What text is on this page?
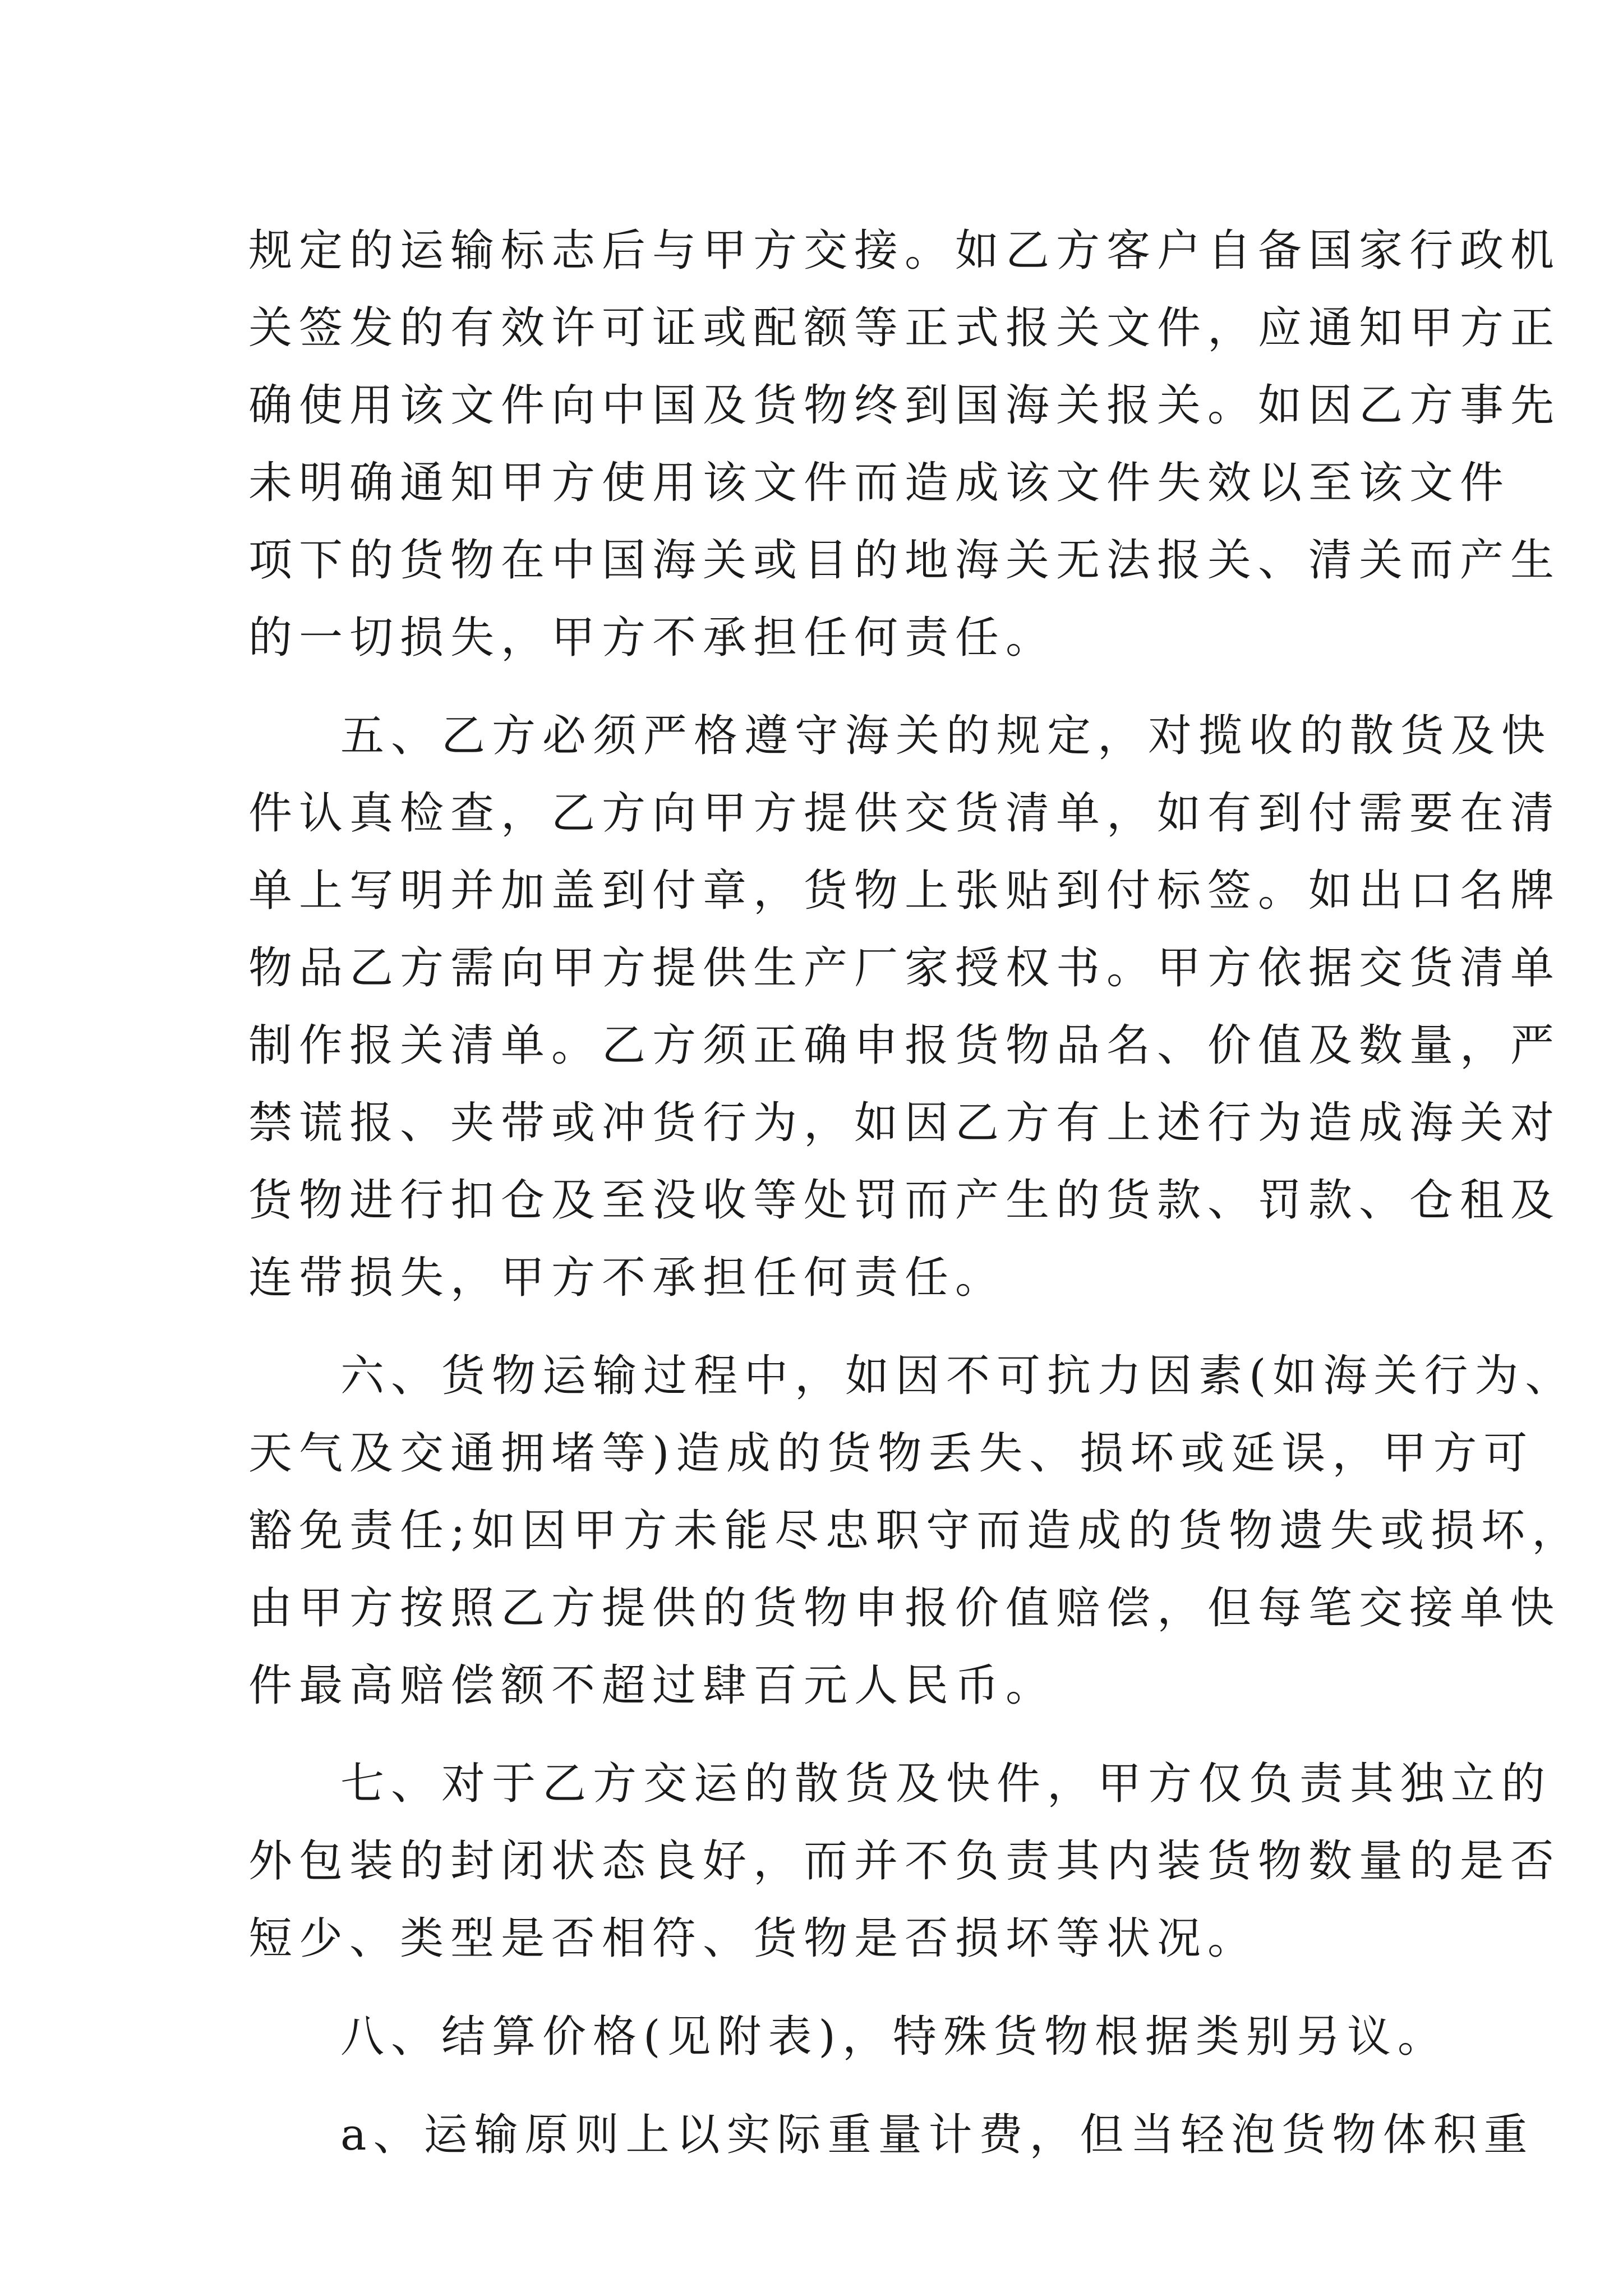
规定的运输标志后与甲方交接。如乙方客户自备国家行政机
关签发的有效许可证或配额等正式报关文件，应通知甲方正
确使用该文件向中国及货物终到国海关报关。如因乙方事先
未明确通知甲方使用该文件而造成该文件失效以至该文件
项下的货物在中国海关或目的地海关无法报关、清关而产生
的一切损失，甲方不承担任何责任。
五、乙方必须严格遵守海关的规定，对揽收的散货及快
件认真检查，乙方向甲方提供交货清单，如有到付需要在清
单上写明并加盖到付章，货物上张贴到付标签。如出口名牌
物品乙方需向甲方提供生产厂家授权书。甲方依据交货清单
制作报关清单。乙方须正确申报货物品名、价值及数量，严
禁谎报、夹带或冲货行为，如因乙方有上述行为造成海关对
货物进行扣仓及至没收等处罚而产生的货款、罚款、仓租及
连带损失，甲方不承担任何责任。
六、货物运输过程中，如因不可抗力因素(如海关行为、
天气及交通拥堵等)造成的货物丢失、损坏或延误，甲方可
豁免责任;如因甲方未能尽忠职守而造成的货物遗失或损坏，
由甲方按照乙方提供的货物申报价值赔偿，但每笔交接单快
件最高赔偿额不超过肆百元人民币。
七、对于乙方交运的散货及快件，甲方仅负责其独立的
外包装的封闭状态良好，而并不负责其内装货物数量的是否
短少、类型是否相符、货物是否损坏等状况。
八、结算价格(见附表)，特殊货物根据类别另议。
a、运输原则上以实际重量计费，但当轻泡货物体积重
